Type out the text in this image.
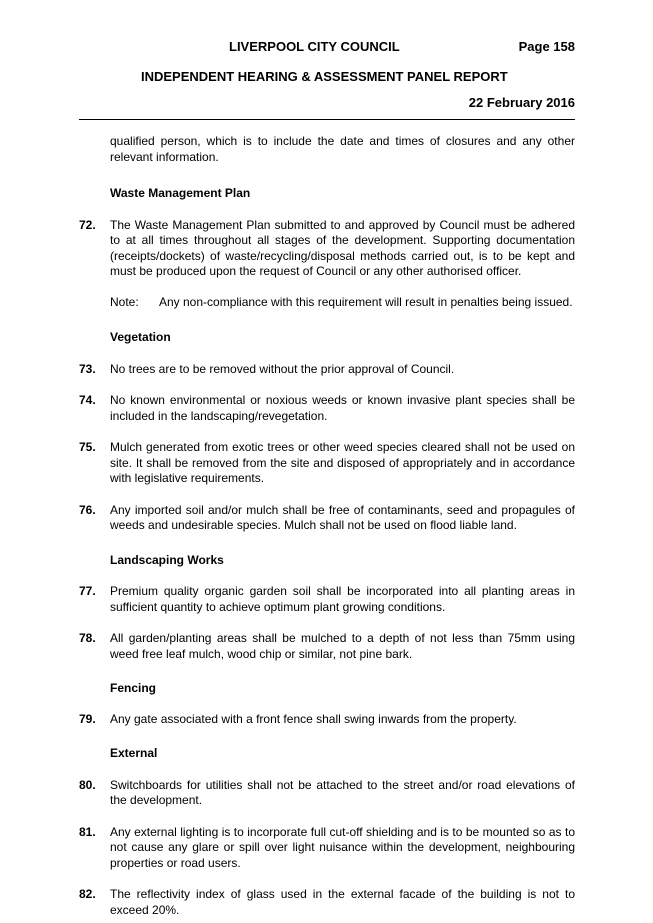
LIVERPOOL CITY COUNCIL	Page 158
INDEPENDENT HEARING & ASSESSMENT PANEL REPORT
22 February 2016
qualified person, which is to include the date and times of closures and any other relevant information.
Waste Management Plan
72. The Waste Management Plan submitted to and approved by Council must be adhered to at all times throughout all stages of the development. Supporting documentation (receipts/dockets) of waste/recycling/disposal methods carried out, is to be kept and must be produced upon the request of Council or any other authorised officer.
Note:	Any non-compliance with this requirement will result in penalties being issued.
Vegetation
73. No trees are to be removed without the prior approval of Council.
74. No known environmental or noxious weeds or known invasive plant species shall be included in the landscaping/revegetation.
75. Mulch generated from exotic trees or other weed species cleared shall not be used on site. It shall be removed from the site and disposed of appropriately and in accordance with legislative requirements.
76. Any imported soil and/or mulch shall be free of contaminants, seed and propagules of weeds and undesirable species. Mulch shall not be used on flood liable land.
Landscaping Works
77. Premium quality organic garden soil shall be incorporated into all planting areas in sufficient quantity to achieve optimum plant growing conditions.
78. All garden/planting areas shall be mulched to a depth of not less than 75mm using weed free leaf mulch, wood chip or similar, not pine bark.
Fencing
79. Any gate associated with a front fence shall swing inwards from the property.
External
80. Switchboards for utilities shall not be attached to the street and/or road elevations of the development.
81. Any external lighting is to incorporate full cut-off shielding and is to be mounted so as to not cause any glare or spill over light nuisance within the development, neighbouring properties or road users.
82. The reflectivity index of glass used in the external facade of the building is not to exceed 20%.
